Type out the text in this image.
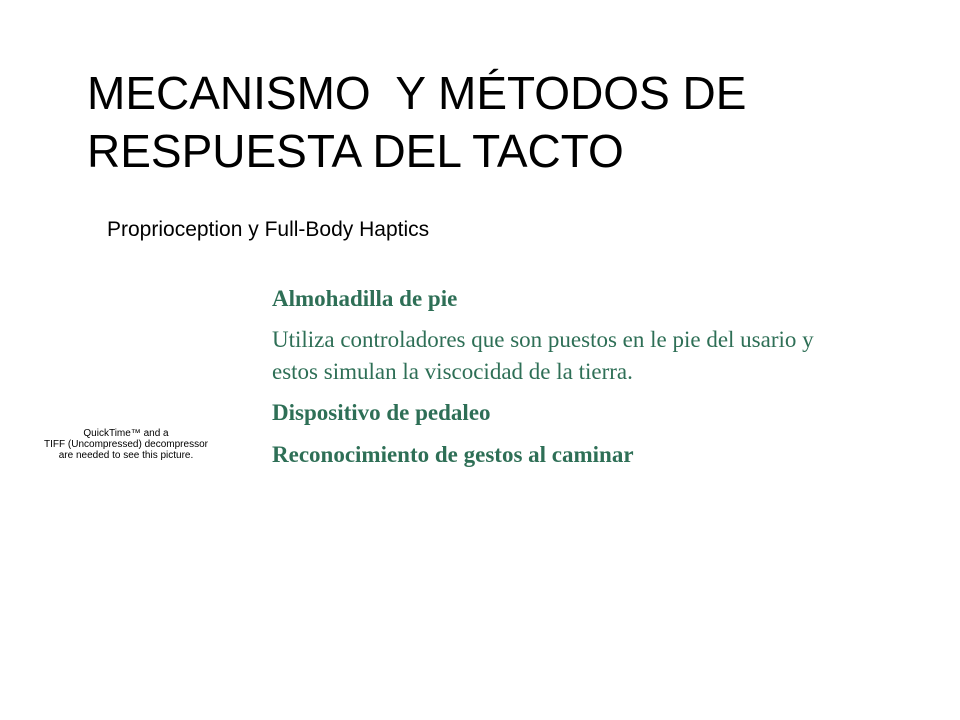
MECANISMO  Y MÉTODOS DE
RESPUESTA DEL TACTO
Proprioception y Full-Body Haptics
QuickTime™ and a
TIFF (Uncompressed) decompressor
are needed to see this picture.
Almohadilla de pie
Utiliza controladores que son puestos en le pie del usario y estos simulan la viscocidad de la tierra.
Dispositivo de pedaleo
Reconocimiento de gestos al caminar
